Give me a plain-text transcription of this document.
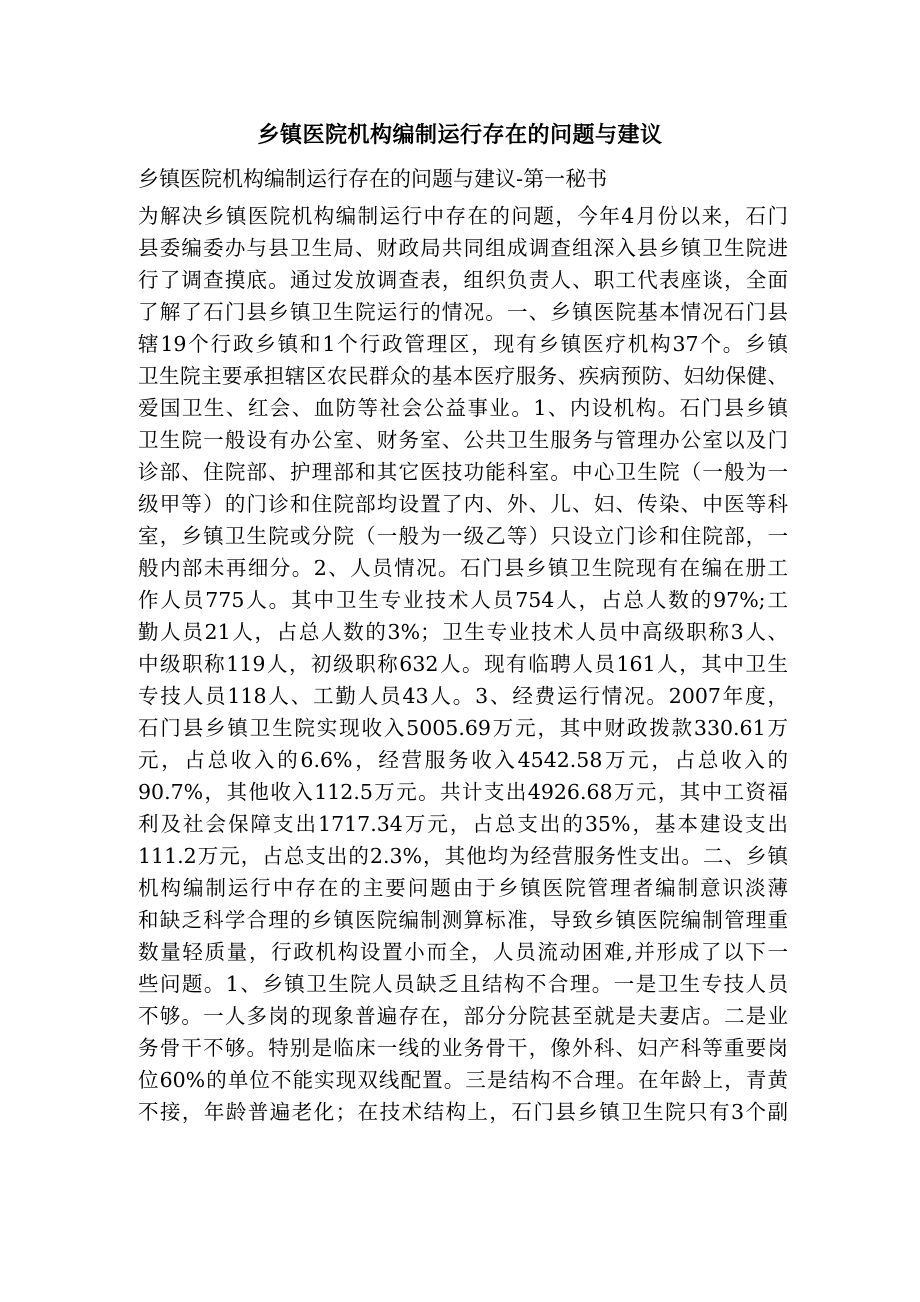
乡镇医院机构编制运行存在的问题与建议
乡镇医院机构编制运行存在的问题与建议-第一秘书
为解决乡镇医院机构编制运行中存在的问题，今年4月份以来，石门
县委编委办与县卫生局、财政局共同组成调查组深入县乡镇卫生院进
行了调查摸底。通过发放调查表，组织负责人、职工代表座谈，全面
了解了石门县乡镇卫生院运行的情况。一、乡镇医院基本情况石门县
辖19个行政乡镇和1个行政管理区，现有乡镇医疗机构37个。乡镇
卫生院主要承担辖区农民群众的基本医疗服务、疾病预防、妇幼保健、
爱国卫生、红会、血防等社会公益事业。1、内设机构。石门县乡镇
卫生院一般设有办公室、财务室、公共卫生服务与管理办公室以及门
诊部、住院部、护理部和其它医技功能科室。中心卫生院（一般为一
级甲等）的门诊和住院部均设置了内、外、儿、妇、传染、中医等科
室，乡镇卫生院或分院（一般为一级乙等）只设立门诊和住院部，一
般内部未再细分。2、人员情况。石门县乡镇卫生院现有在编在册工
作人员775人。其中卫生专业技术人员754人，占总人数的97%;工
勤人员21人，占总人数的3%；卫生专业技术人员中高级职称3人、
中级职称119人，初级职称632人。现有临聘人员161人，其中卫生
专技人员118人、工勤人员43人。3、经费运行情况。2007年度，
石门县乡镇卫生院实现收入5005.69万元，其中财政拨款330.61万
元，占总收入的6.6%，经营服务收入4542.58万元，占总收入的
90.7%，其他收入112.5万元。共计支出4926.68万元，其中工资福
利及社会保障支出1717.34万元，占总支出的35%，基本建设支出
111.2万元，占总支出的2.3%，其他均为经营服务性支出。二、乡镇
机构编制运行中存在的主要问题由于乡镇医院管理者编制意识淡薄
和缺乏科学合理的乡镇医院编制测算标准，导致乡镇医院编制管理重
数量轻质量，行政机构设置小而全，人员流动困难,并形成了以下一
些问题。1、乡镇卫生院人员缺乏且结构不合理。一是卫生专技人员
不够。一人多岗的现象普遍存在，部分分院甚至就是夫妻店。二是业
务骨干不够。特别是临床一线的业务骨干，像外科、妇产科等重要岗
位60%的单位不能实现双线配置。三是结构不合理。在年龄上，青黄
不接，年龄普遍老化；在技术结构上，石门县乡镇卫生院只有3个副
